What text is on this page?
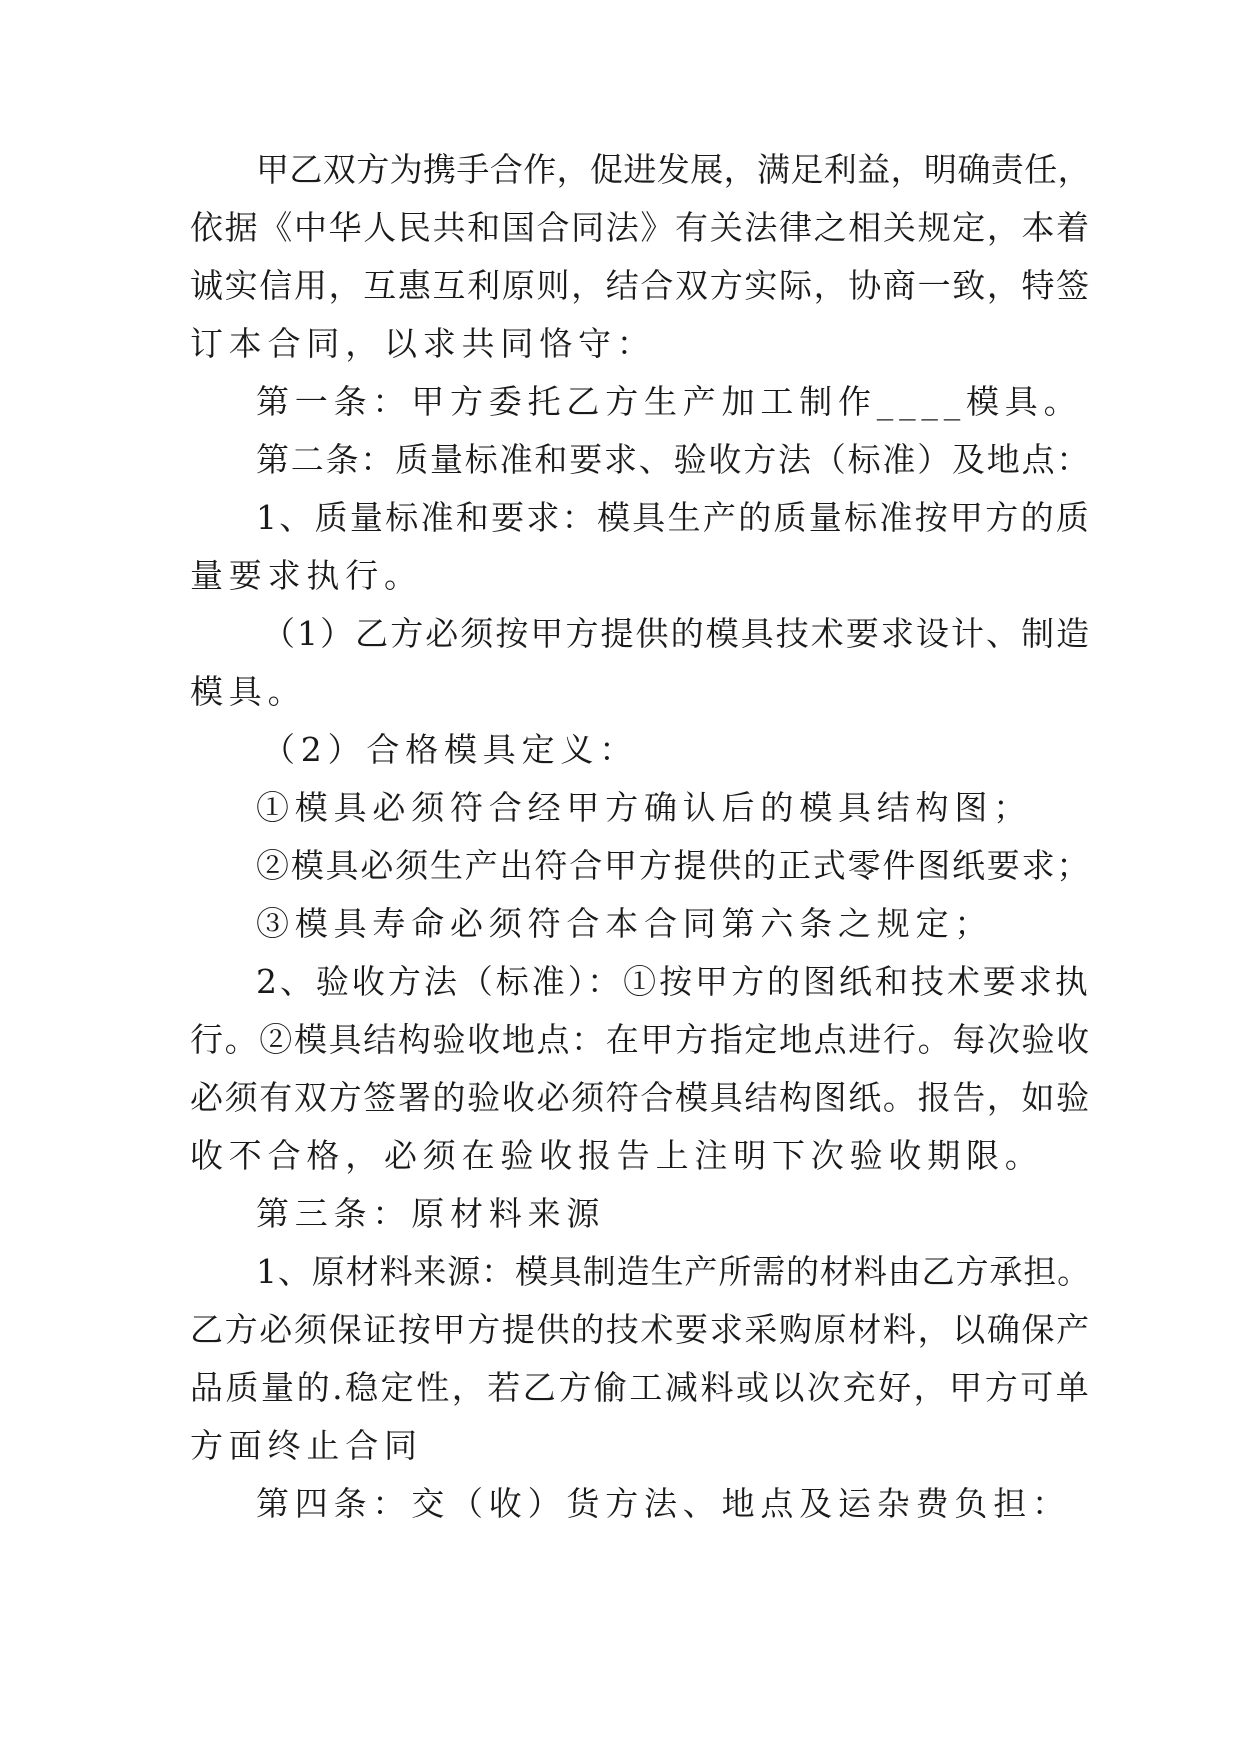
甲乙双方为携手合作，促进发展，满足利益，明确责任，
依据《中华人民共和国合同法》有关法律之相关规定，本着
诚实信用，互惠互利原则，结合双方实际，协商一致，特签
订本合同，以求共同恪守：
第一条：甲方委托乙方生产加工制作____模具。
第二条：质量标准和要求、验收方法（标准）及地点：
1、质量标准和要求：模具生产的质量标准按甲方的质
量要求执行。
（1）乙方必须按甲方提供的模具技术要求设计、制造
模具。
（2）合格模具定义：
①模具必须符合经甲方确认后的模具结构图；
②模具必须生产出符合甲方提供的正式零件图纸要求；
③模具寿命必须符合本合同第六条之规定；
2、验收方法（标准）：①按甲方的图纸和技术要求执
行。②模具结构验收地点：在甲方指定地点进行。每次验收
必须有双方签署的验收必须符合模具结构图纸。报告，如验
收不合格，必须在验收报告上注明下次验收期限。
第三条：原材料来源
1、原材料来源：模具制造生产所需的材料由乙方承担。
乙方必须保证按甲方提供的技术要求采购原材料，以确保产
品质量的.稳定性，若乙方偷工减料或以次充好，甲方可单
方面终止合同
第四条：交（收）货方法、地点及运杂费负担：
